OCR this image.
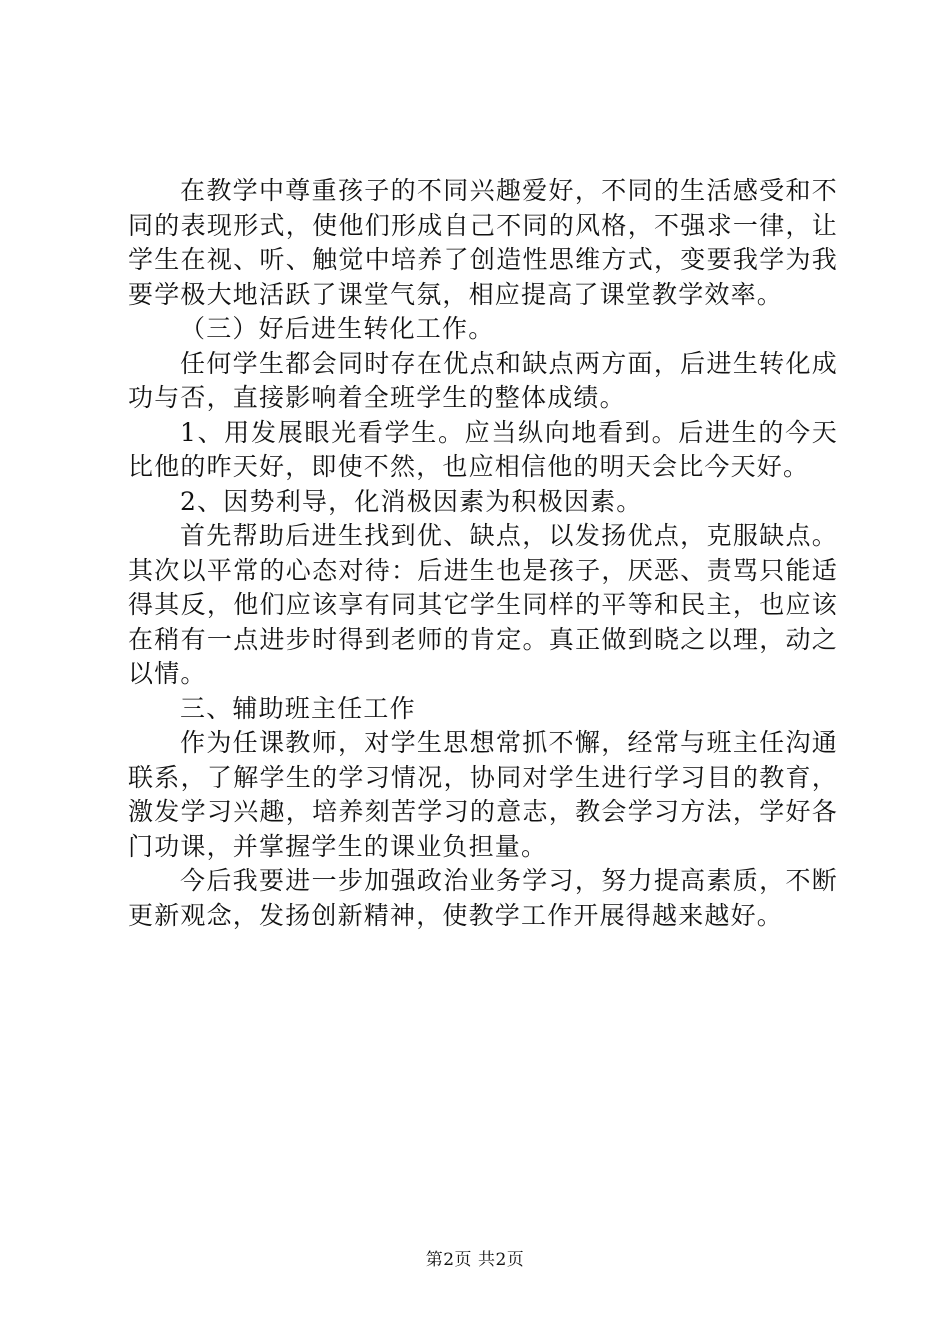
在教学中尊重孩子的不同兴趣爱好，不同的生活感受和不同的表现形式，使他们形成自己不同的风格，不强求一律，让学生在视、听、触觉中培养了创造性思维方式，变要我学为我要学极大地活跃了课堂气氛，相应提高了课堂教学效率。

（三）好后进生转化工作。

任何学生都会同时存在优点和缺点两方面，后进生转化成功与否，直接影响着全班学生的整体成绩。

1、用发展眼光看学生。应当纵向地看到。后进生的今天比他的昨天好，即使不然，也应相信他的明天会比今天好。

2、因势利导，化消极因素为积极因素。

首先帮助后进生找到优、缺点，以发扬优点，克服缺点。其次以平常的心态对待：后进生也是孩子，厌恶、责骂只能适得其反，他们应该享有同其它学生同样的平等和民主，也应该在稍有一点进步时得到老师的肯定。真正做到晓之以理，动之以情。

三、辅助班主任工作

作为任课教师，对学生思想常抓不懈，经常与班主任沟通联系，了解学生的学习情况，协同对学生进行学习目的教育，激发学习兴趣，培养刻苦学习的意志，教会学习方法，学好各门功课，并掌握学生的课业负担量。

今后我要进一步加强政治业务学习，努力提高素质，不断更新观念，发扬创新精神，使教学工作开展得越来越好。

第2页 共2页
